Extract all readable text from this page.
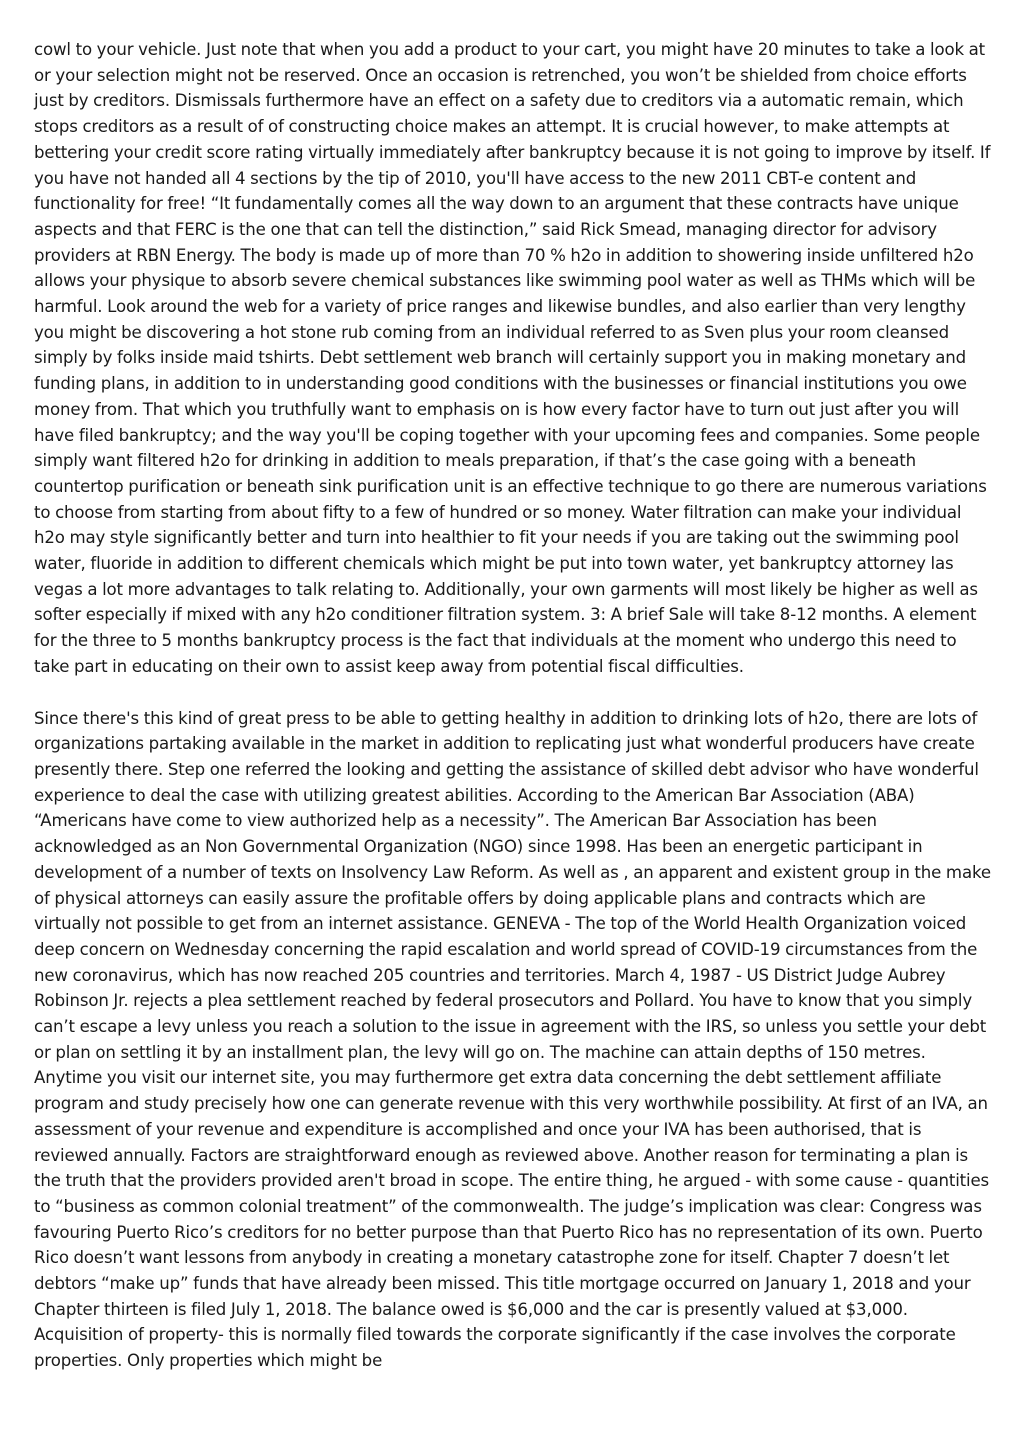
cowl to your vehicle. Just note that when you add a product to your cart, you might have 20 minutes to take a look at or your selection might not be reserved. Once an occasion is retrenched, you won’t be shielded from choice efforts just by creditors. Dismissals furthermore have an effect on a safety due to creditors via a automatic remain, which stops creditors as a result of of constructing choice makes an attempt. It is crucial however, to make attempts at bettering your credit score rating virtually immediately after bankruptcy because it is not going to improve by itself. If you have not handed all 4 sections by the tip of 2010, you'll have access to the new 2011 CBT-e content and functionality for free! “It fundamentally comes all the way down to an argument that these contracts have unique aspects and that FERC is the one that can tell the distinction,” said Rick Smead, managing director for advisory providers at RBN Energy. The body is made up of more than 70 % h2o in addition to showering inside unfiltered h2o allows your physique to absorb severe chemical substances like swimming pool water as well as THMs which will be harmful. Look around the web for a variety of price ranges and likewise bundles, and also earlier than very lengthy you might be discovering a hot stone rub coming from an individual referred to as Sven plus your room cleansed simply by folks inside maid tshirts. Debt settlement web branch will certainly support you in making monetary and funding plans, in addition to in understanding good conditions with the businesses or financial institutions you owe money from. That which you truthfully want to emphasis on is how every factor have to turn out just after you will have filed bankruptcy; and the way you'll be coping together with your upcoming fees and companies. Some people simply want filtered h2o for drinking in addition to meals preparation, if that’s the case going with a beneath countertop purification or beneath sink purification unit is an effective technique to go there are numerous variations to choose from starting from about fifty to a few of hundred or so money. Water filtration can make your individual h2o may style significantly better and turn into healthier to fit your needs if you are taking out the swimming pool water, fluoride in addition to different chemicals which might be put into town water, yet bankruptcy attorney las vegas a lot more advantages to talk relating to. Additionally, your own garments will most likely be higher as well as softer especially if mixed with any h2o conditioner filtration system. 3: A brief Sale will take 8-12 months. A element for the three to 5 months bankruptcy process is the fact that individuals at the moment who undergo this need to take part in educating on their own to assist keep away from potential fiscal difficulties.

Since there's this kind of great press to be able to getting healthy in addition to drinking lots of h2o, there are lots of organizations partaking available in the market in addition to replicating just what wonderful producers have create presently there. Step one referred the looking and getting the assistance of skilled debt advisor who have wonderful experience to deal the case with utilizing greatest abilities. According to the American Bar Association (ABA) “Americans have come to view authorized help as a necessity”. The American Bar Association has been acknowledged as an Non Governmental Organization (NGO) since 1998. Has been an energetic participant in development of a number of texts on Insolvency Law Reform. As well as , an apparent and existent group in the make of physical attorneys can easily assure the profitable offers by doing applicable plans and contracts which are virtually not possible to get from an internet assistance. GENEVA - The top of the World Health Organization voiced deep concern on Wednesday concerning the rapid escalation and world spread of COVID-19 circumstances from the new coronavirus, which has now reached 205 countries and territories. March 4, 1987 - US District Judge Aubrey Robinson Jr. rejects a plea settlement reached by federal prosecutors and Pollard. You have to know that you simply can’t escape a levy unless you reach a solution to the issue in agreement with the IRS, so unless you settle your debt or plan on settling it by an installment plan, the levy will go on. The machine can attain depths of 150 metres. Anytime you visit our internet site, you may furthermore get extra data concerning the debt settlement affiliate program and study precisely how one can generate revenue with this very worthwhile possibility. At first of an IVA, an assessment of your revenue and expenditure is accomplished and once your IVA has been authorised, that is reviewed annually. Factors are straightforward enough as reviewed above. Another reason for terminating a plan is the truth that the providers provided aren't broad in scope. The entire thing, he argued - with some cause - quantities to “business as common colonial treatment” of the commonwealth. The judge’s implication was clear: Congress was favouring Puerto Rico’s creditors for no better purpose than that Puerto Rico has no representation of its own. Puerto Rico doesn’t want lessons from anybody in creating a monetary catastrophe zone for itself. Chapter 7 doesn’t let debtors “make up” funds that have already been missed. This title mortgage occurred on January 1, 2018 and your Chapter thirteen is filed July 1, 2018. The balance owed is $6,000 and the car is presently valued at $3,000. Acquisition of property- this is normally filed towards the corporate significantly if the case involves the corporate properties. Only properties which might be
